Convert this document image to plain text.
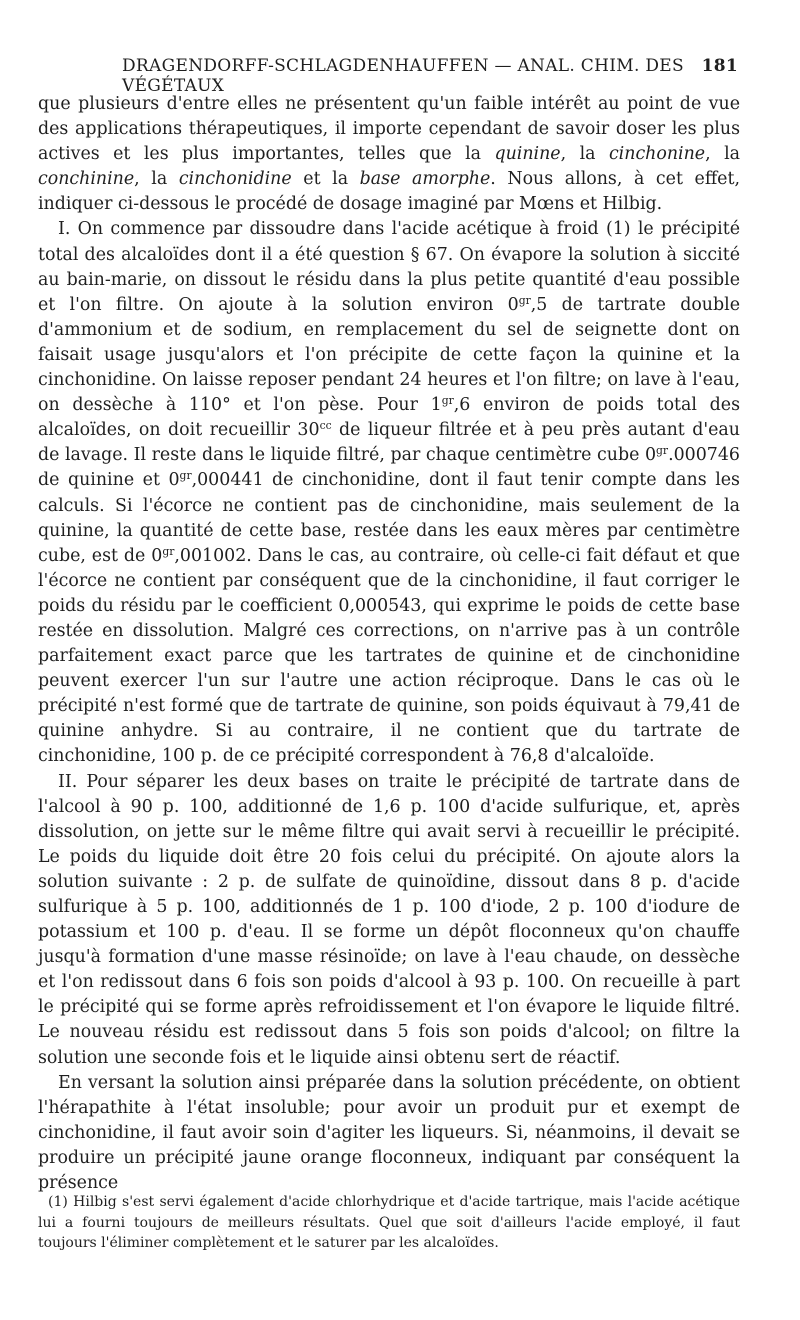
DRAGENDORFF-SCHLAGDENHAUFFEN — ANAL. CHIM. DES VÉGÉTAUX
181

que plusieurs d'entre elles ne présentent qu'un faible intérêt au point de vue des applications thérapeutiques, il importe cependant de savoir doser les plus actives et les plus importantes, telles que la quinine, la cinchonine, la conchinine, la cinchonidine et la base amorphe. Nous allons, à cet effet, indiquer ci-dessous le procédé de dosage imaginé par Mœns et Hilbig.

I. On commence par dissoudre dans l'acide acétique à froid (1) le précipité total des alcaloïdes dont il a été question § 67. On évapore la solution à siccité au bain-marie, on dissout le résidu dans la plus petite quantité d'eau possible et l'on filtre. On ajoute à la solution environ $0^{gr},5$ de tartrate double d'ammonium et de sodium, en remplacement du sel de seignette dont on faisait usage jusqu'alors et l'on précipite de cette façon la quinine et la cinchonidine. On laisse reposer pendant 24 heures et l'on filtre; on lave à l'eau, on dessèche à 110° et l'on pèse. Pour $1^{gr},6$ environ de poids total des alcaloïdes, on doit recueillir $30^{cc}$ de liqueur filtrée et à peu près autant d'eau de lavage. Il reste dans le liquide filtré, par chaque centimètre cube $0^{gr}.000746$ de quinine et $0^{gr},000441$ de cinchonidine, dont il faut tenir compte dans les calculs. Si l'écorce ne contient pas de cinchonidine, mais seulement de la quinine, la quantité de cette base, restée dans les eaux mères par centimètre cube, est de $0^{gr},001002$. Dans le cas, au contraire, où celle-ci fait défaut et que l'écorce ne contient par conséquent que de la cinchonidine, il faut corriger le poids du résidu par le coefficient 0,000543, qui exprime le poids de cette base restée en dissolution. Malgré ces corrections, on n'arrive pas à un contrôle parfaitement exact parce que les tartrates de quinine et de cinchonidine peuvent exercer l'un sur l'autre une action réciproque. Dans le cas où le précipité n'est formé que de tartrate de quinine, son poids équivaut à 79,41 de quinine anhydre. Si au contraire, il ne contient que du tartrate de cinchonidine, 100 p. de ce précipité correspondent à 76,8 d'alcaloïde.

II. Pour séparer les deux bases on traite le précipité de tartrate dans de l'alcool à 90 p. 100, additionné de 1,6 p. 100 d'acide sulfurique, et, après dissolution, on jette sur le même filtre qui avait servi à recueillir le précipité. Le poids du liquide doit être 20 fois celui du précipité. On ajoute alors la solution suivante : 2 p. de sulfate de quinoïdine, dissout dans 8 p. d'acide sulfurique à 5 p. 100, additionnés de 1 p. 100 d'iode, 2 p. 100 d'iodure de potassium et 100 p. d'eau. Il se forme un dépôt floconneux qu'on chauffe jusqu'à formation d'une masse résinoïde; on lave à l'eau chaude, on dessèche et l'on redissout dans 6 fois son poids d'alcool à 93 p. 100. On recueille à part le précipité qui se forme après refroidissement et l'on évapore le liquide filtré. Le nouveau résidu est redissout dans 5 fois son poids d'alcool; on filtre la solution une seconde fois et le liquide ainsi obtenu sert de réactif.

En versant la solution ainsi préparée dans la solution précédente, on obtient l'hérapathite à l'état insoluble; pour avoir un produit pur et exempt de cinchonidine, il faut avoir soin d'agiter les liqueurs. Si, néanmoins, il devait se produire un précipité jaune orange floconneux, indiquant par conséquent la présence

(1) Hilbig s'est servi également d'acide chlorhydrique et d'acide tartrique, mais l'acide acétique lui a fourni toujours de meilleurs résultats. Quel que soit d'ailleurs l'acide employé, il faut toujours l'éliminer complètement et le saturer par les alcaloïdes.
